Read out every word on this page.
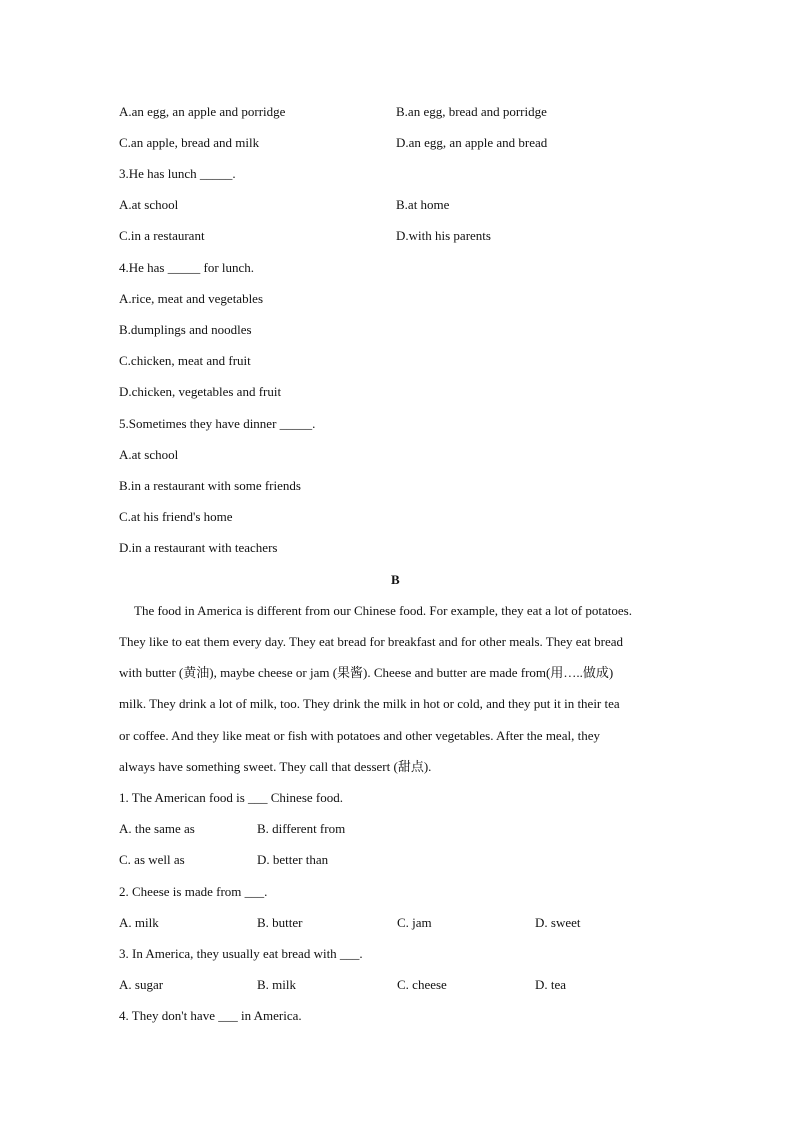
A.an egg, an apple and porridge	B.an egg, bread and porridge
C.an apple, bread and milk	D.an egg, an apple and bread
3.He has lunch _____.
A.at school	B.at home
C.in a restaurant	D.with his parents
4.He has _____ for lunch.
A.rice, meat and vegetables
B.dumplings and noodles
C.chicken, meat and fruit
D.chicken, vegetables and fruit
5.Sometimes they have dinner _____.
A.at school
B.in a restaurant with some friends
C.at his friend's home
D.in a restaurant with teachers
B
The food in America is different from our Chinese food. For example, they eat a lot of potatoes.
They like to eat them every day. They eat bread for breakfast and for other meals. They eat bread
with butter (黄油), maybe cheese or jam (果酱). Cheese and butter are made from(用…..做成)
milk. They drink a lot of milk, too. They drink the milk in hot or cold, and they put it in their tea
or coffee. And they like meat or fish with potatoes and other vegetables. After the meal, they
always have something sweet. They call that dessert (甜点).
1. The American food is ___ Chinese food.
A. the same as	B. different from
C. as well as	D. better than
2. Cheese is made from ___.
A. milk	B. butter	C. jam	D. sweet
3. In America, they usually eat bread with ___.
A. sugar	B. milk	C. cheese	D. tea
4. They don't have ___ in America.
